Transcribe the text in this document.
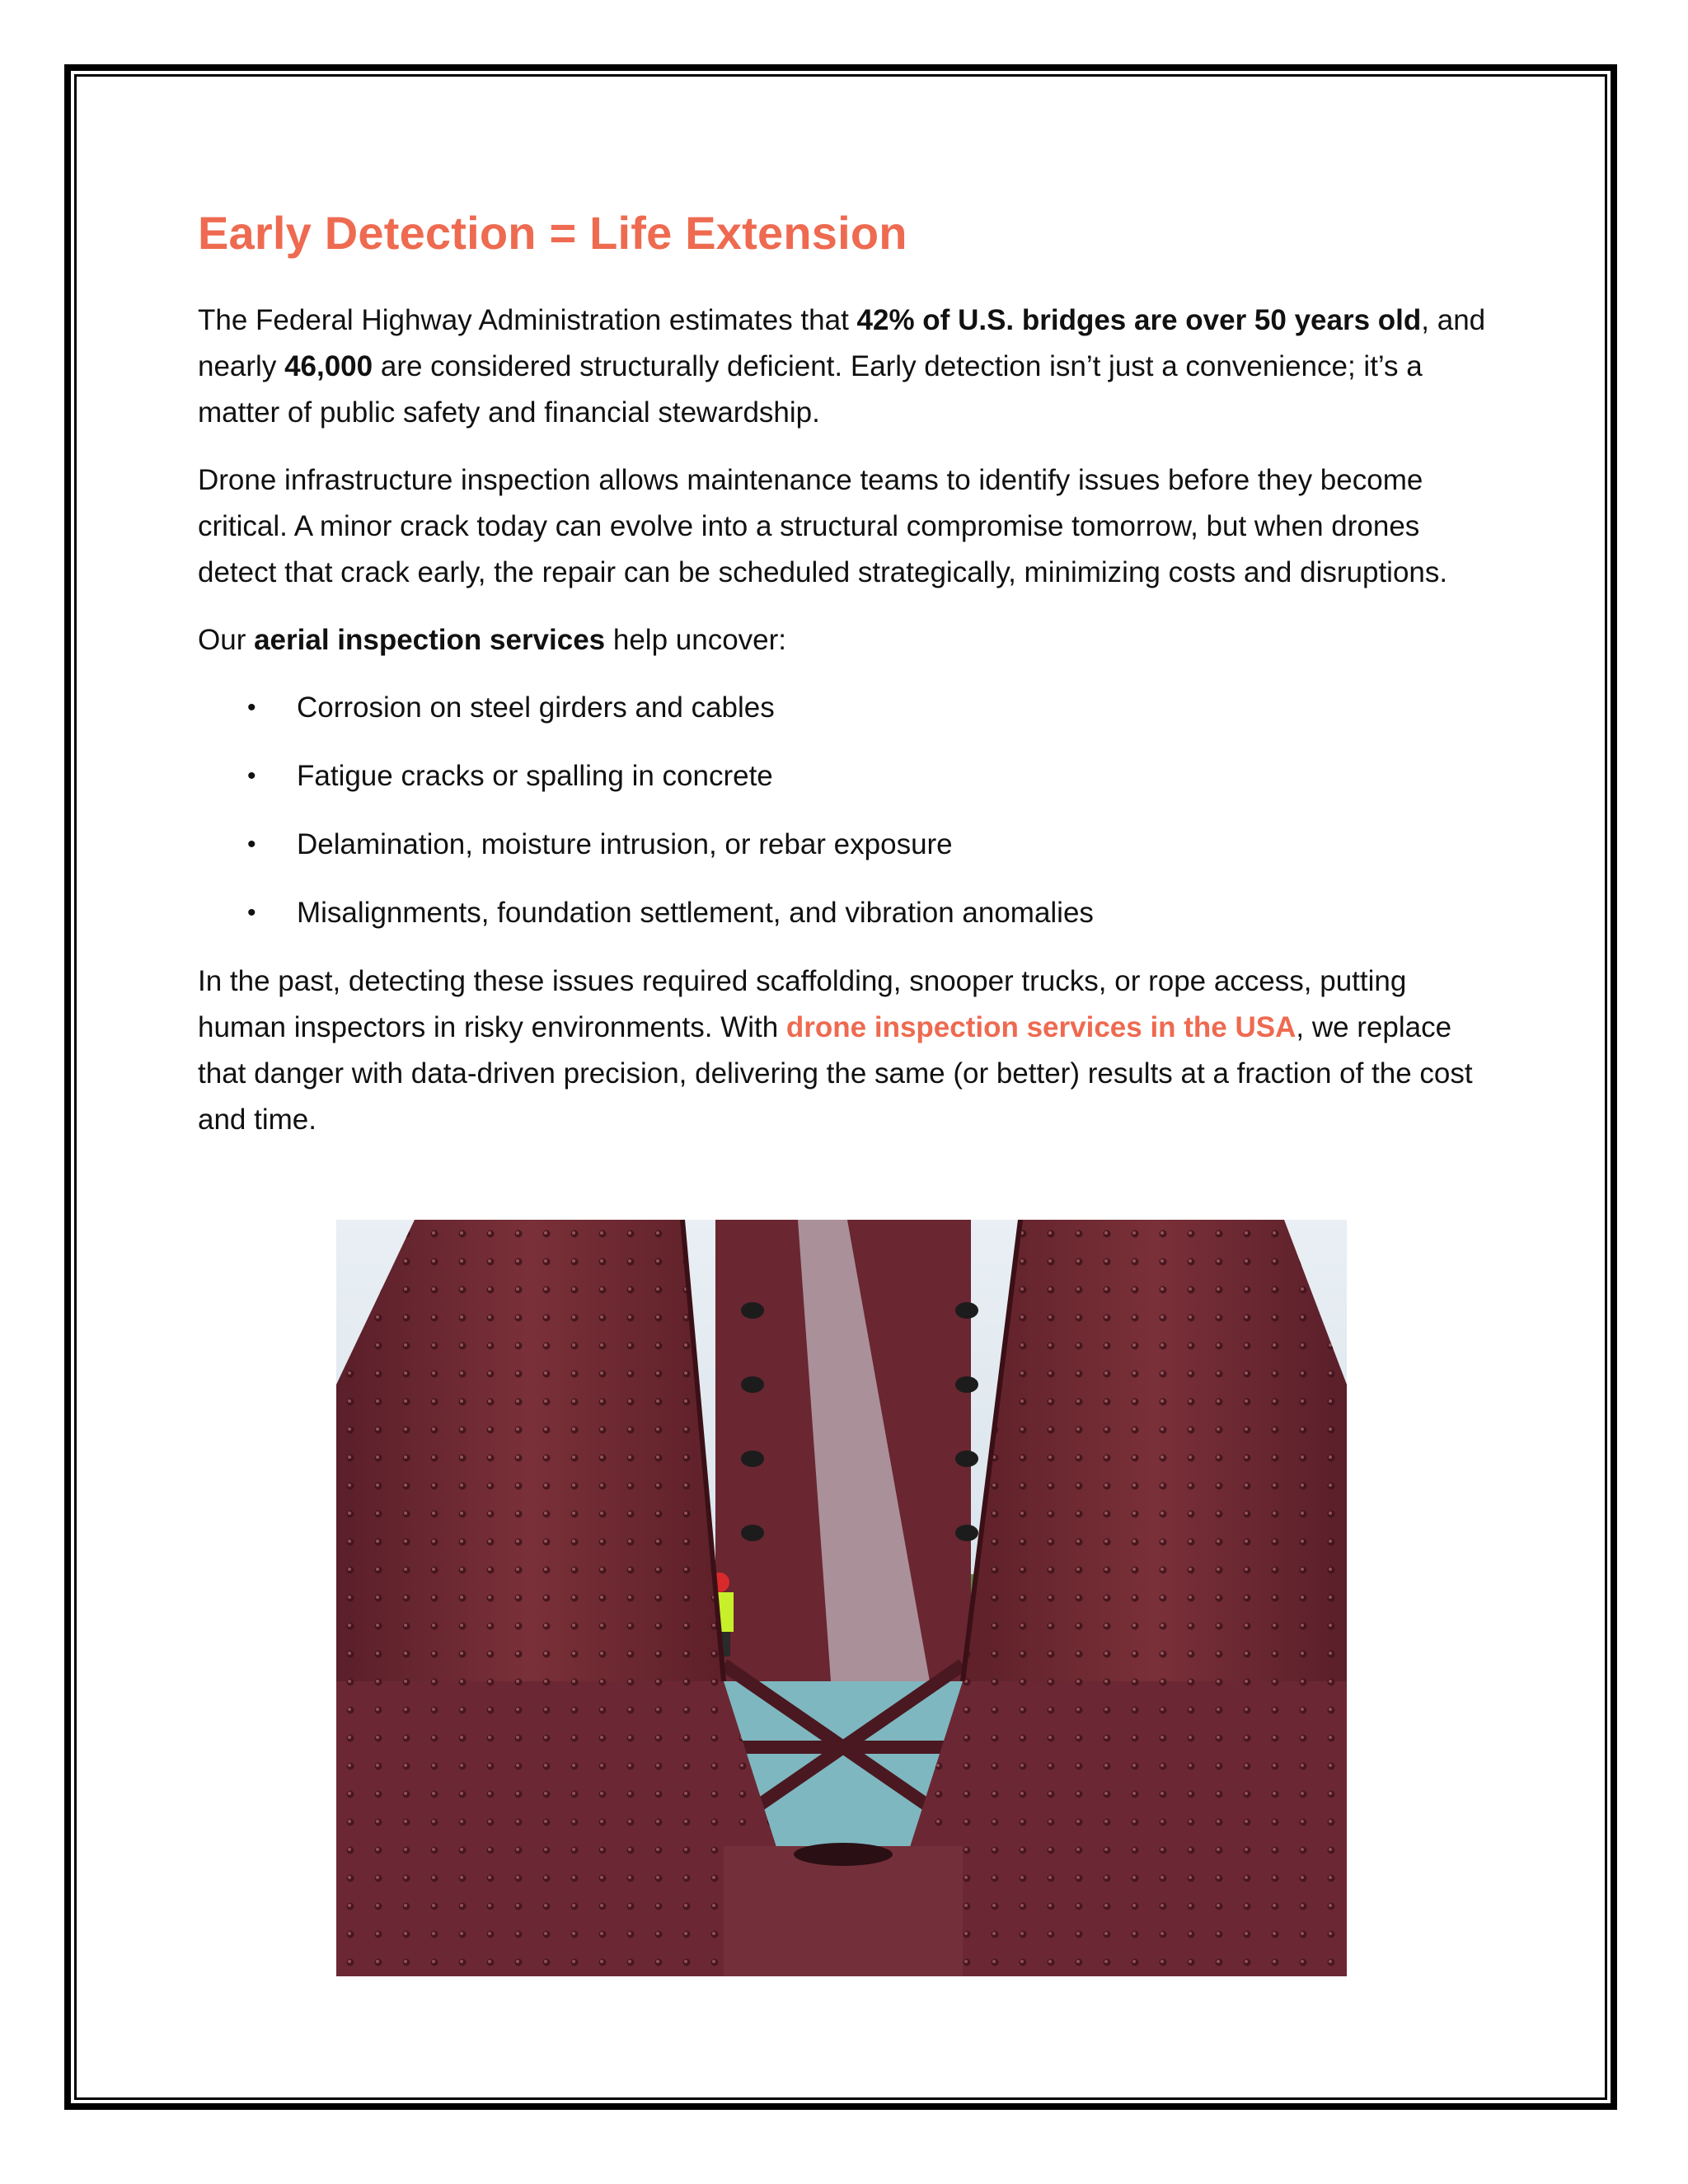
Early Detection = Life Extension

The Federal Highway Administration estimates that 42% of U.S. bridges are over 50 years old, and nearly 46,000 are considered structurally deficient. Early detection isn’t just a convenience; it’s a matter of public safety and financial stewardship.

Drone infrastructure inspection allows maintenance teams to identify issues before they become critical. A minor crack today can evolve into a structural compromise tomorrow, but when drones detect that crack early, the repair can be scheduled strategically, minimizing costs and disruptions.

Our aerial inspection services help uncover:

•	Corrosion on steel girders and cables
•	Fatigue cracks or spalling in concrete
•	Delamination, moisture intrusion, or rebar exposure
•	Misalignments, foundation settlement, and vibration anomalies

In the past, detecting these issues required scaffolding, snooper trucks, or rope access, putting human inspectors in risky environments. With drone inspection services in the USA, we replace that danger with data-driven precision, delivering the same (or better) results at a fraction of the cost and time.
